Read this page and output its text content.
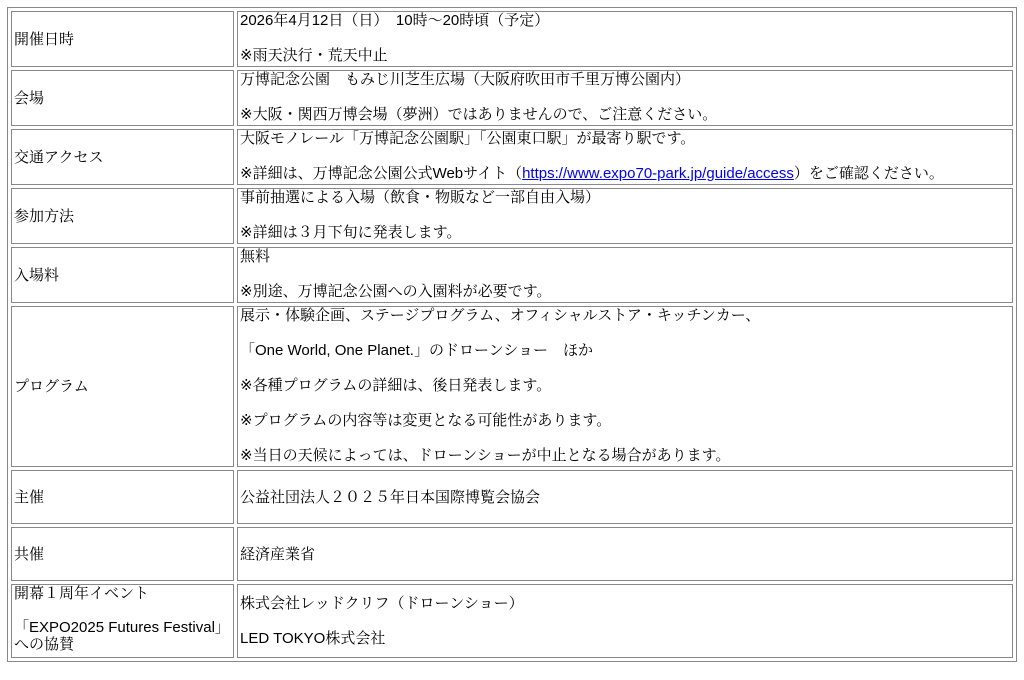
開催日時	2026年4月12日（日）　10時～20時頃（予定）
※雨天決行・荒天中止

会場	万博記念公園　もみじ川芝生広場（大阪府吹田市千里万博公園内）
※大阪・関西万博会場（夢洲）ではありませんので、ご注意ください。

交通アクセス	大阪モノレール「万博記念公園駅」「公園東口駅」が最寄り駅です。
※詳細は、万博記念公園公式Webサイト（https://www.expo70-park.jp/guide/access）をご確認ください。

参加方法	事前抽選による入場（飲食・物販など一部自由入場）
※詳細は３月下旬に発表します。

入場料	無料
※別途、万博記念公園への入園料が必要です。

プログラム	展示・体験企画、ステージプログラム、オフィシャルストア・キッチンカー、
「One World, One Planet.」のドローンショー　ほか
※各種プログラムの詳細は、後日発表します。
※プログラムの内容等は変更となる可能性があります。
※当日の天候によっては、ドローンショーが中止となる場合があります。

主催	公益社団法人２０２５年日本国際博覧会協会

共催	経済産業省

開幕１周年イベント
「EXPO2025 Futures Festival」への協賛	株式会社レッドクリフ（ドローンショー）
LED TOKYO株式会社
